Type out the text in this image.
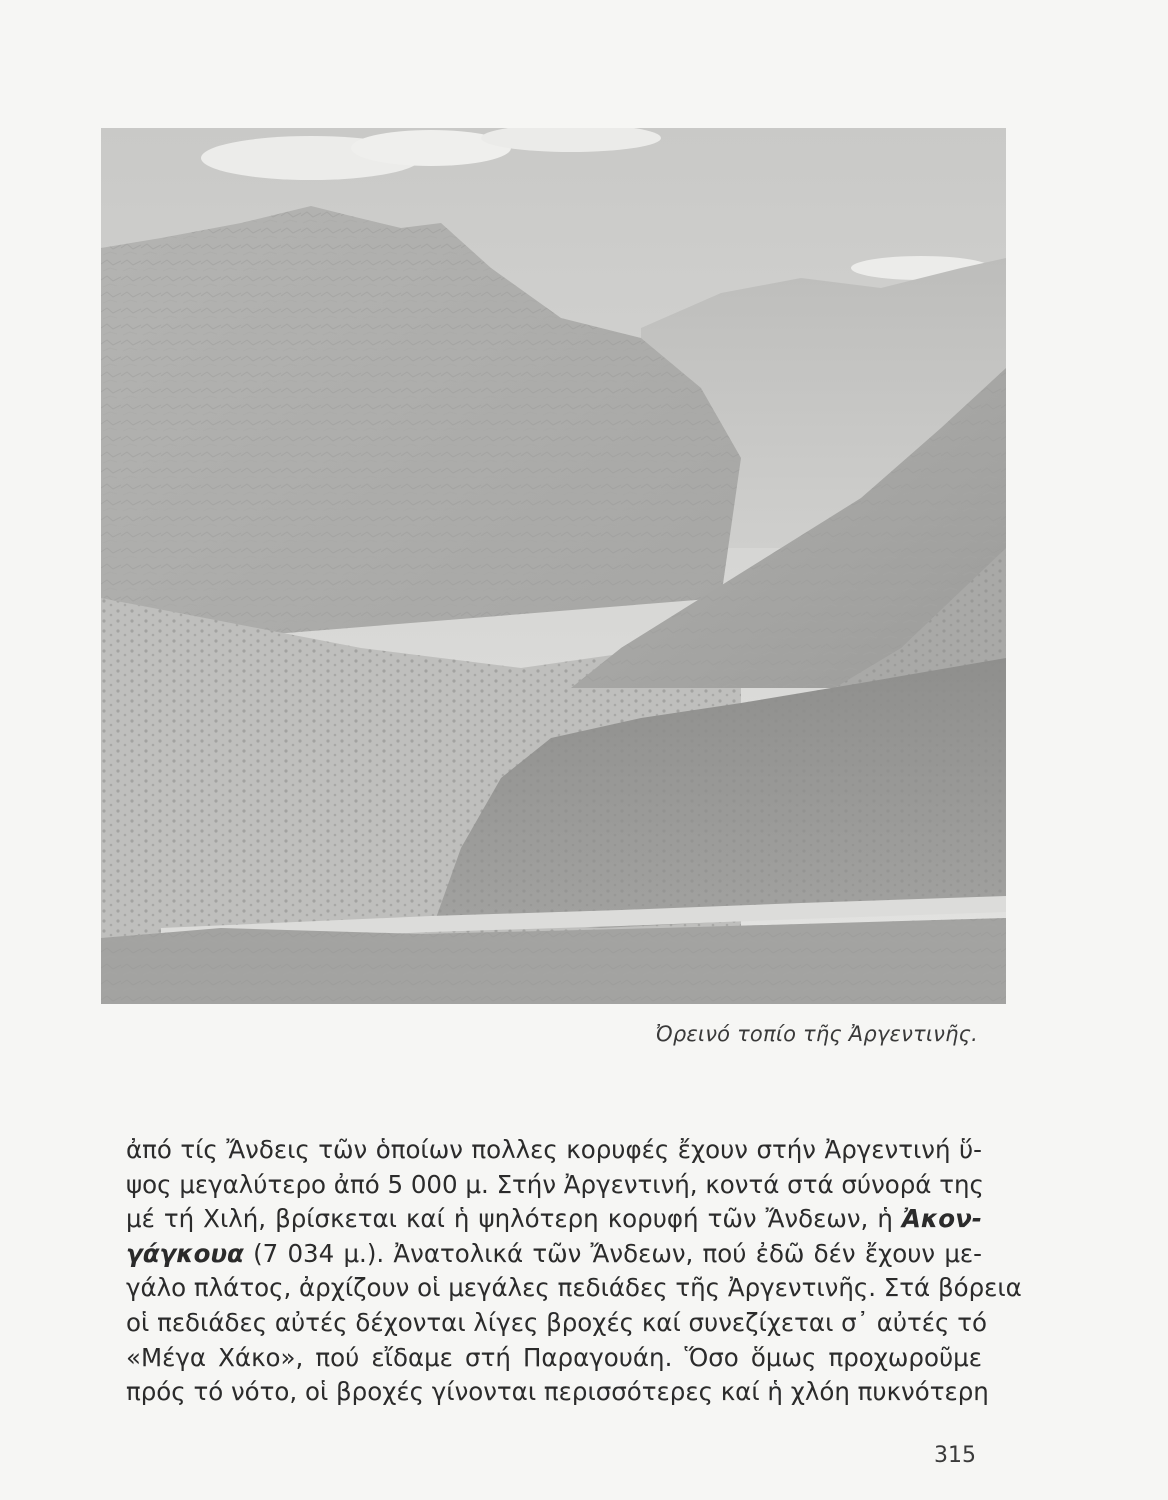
Ὀρεινό τοπίο τῆς Ἀργεντινῆς.
ἀπό τίς Ἄνδεις τῶν ὁποίων πολλες κορυφές ἔχουν στήν Ἀργεντινή ὕ-
ψος μεγαλύτερο ἀπό 5 000 μ. Στήν Ἀργεντινή, κοντά στά σύνορά της
μέ τή Χιλή, βρίσκεται καί ἡ ψηλότερη κορυφή τῶν Ἄνδεων, ἡ Ἀκον-
γάγκουα (7 034 μ.). Ἀνατολικά τῶν Ἄνδεων, πού ἐδῶ δέν ἔχουν με-
γάλο πλάτος, ἀρχίζουν οἱ μεγάλες πεδιάδες τῆς Ἀργεντινῆς. Στά βόρεια
οἱ πεδιάδες αὐτές δέχονται λίγες βροχές καί συνεζίχεται σ᾽ αὐτές τό
«Μέγα Χάκο», πού εἴδαμε στή Παραγουάη. Ὅσο ὅμως προχωροῦμε
πρός τό νότο, οἱ βροχές γίνονται περισσότερες καί ἡ χλόη πυκνότερη
315
